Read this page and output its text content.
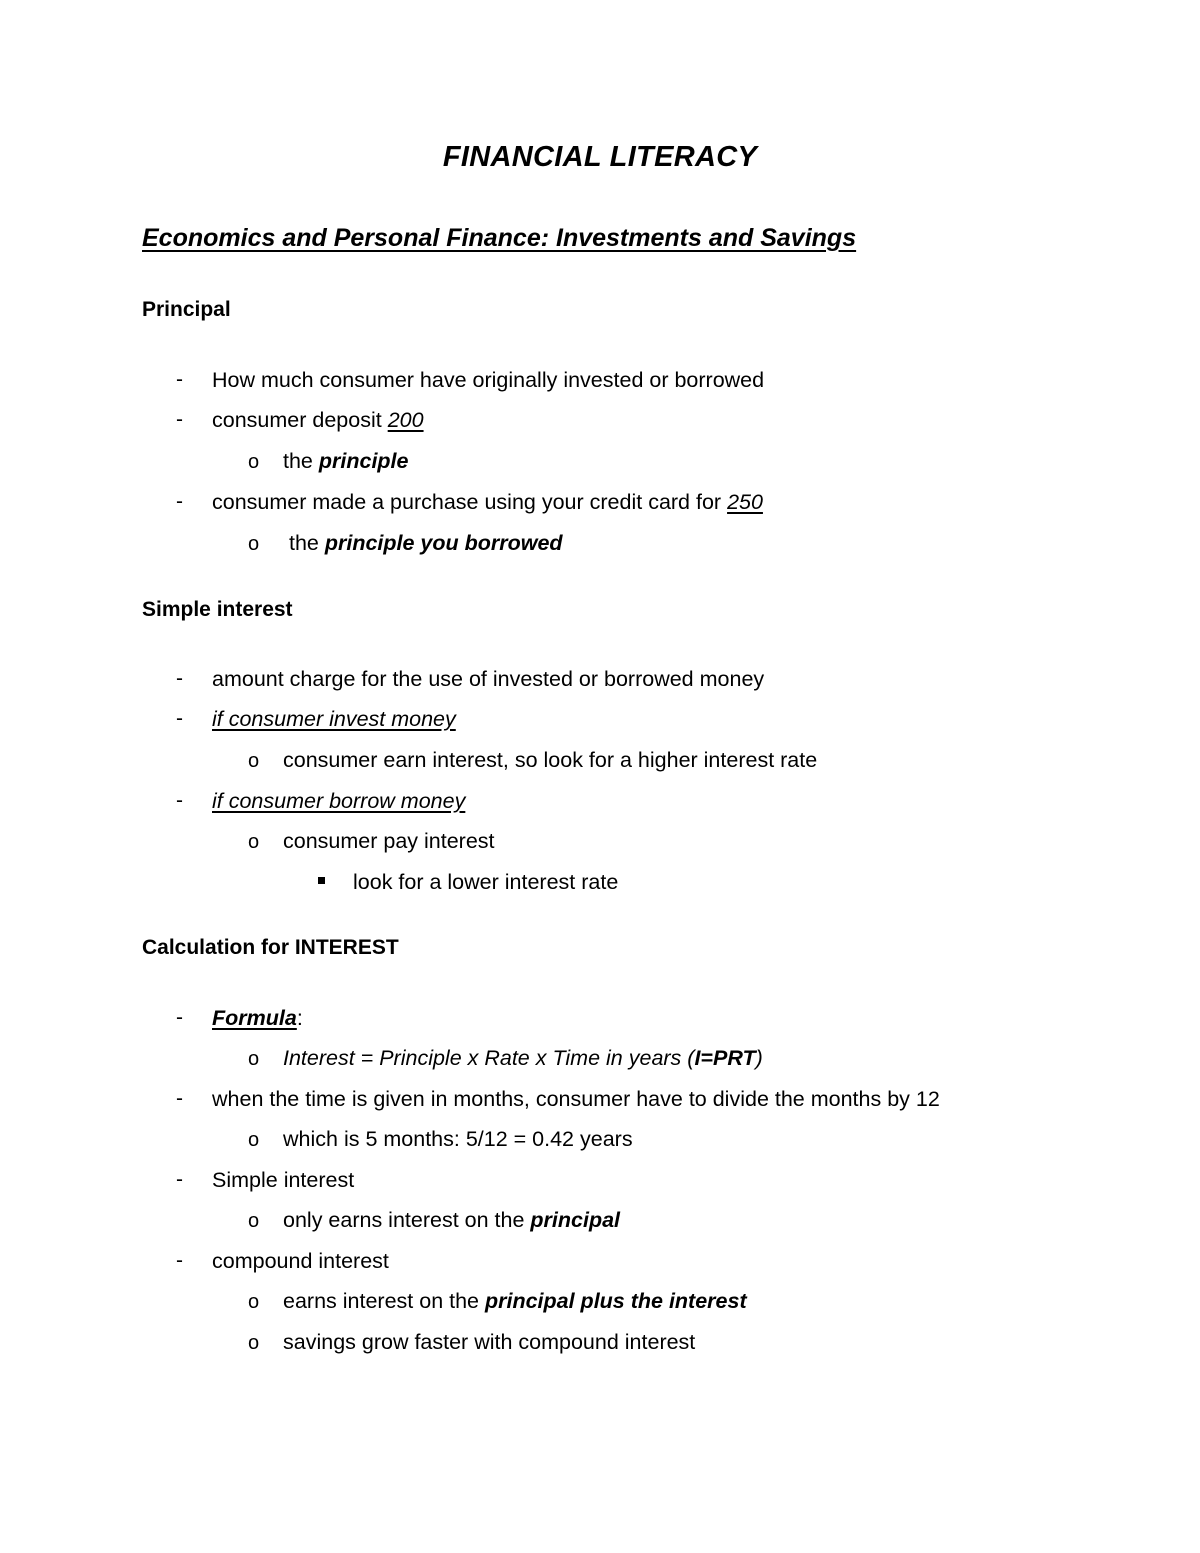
FINANCIAL LITERACY
Economics and Personal Finance: Investments and Savings
Principal
- How much consumer have originally invested or borrowed
- consumer deposit 200
o the principle
- consumer made a purchase using your credit card for 250
o the principle you borrowed
Simple interest
- amount charge for the use of invested or borrowed money
- if consumer invest money
o consumer earn interest, so look for a higher interest rate
- if consumer borrow money
o consumer pay interest
look for a lower interest rate
Calculation for INTEREST
- Formula:
o Interest = Principle x Rate x Time in years (I=PRT)
- when the time is given in months, consumer have to divide the months by 12
o which is 5 months: 5/12 = 0.42 years
- Simple interest
o only earns interest on the principal
- compound interest
o earns interest on the principal plus the interest
o savings grow faster with compound interest
